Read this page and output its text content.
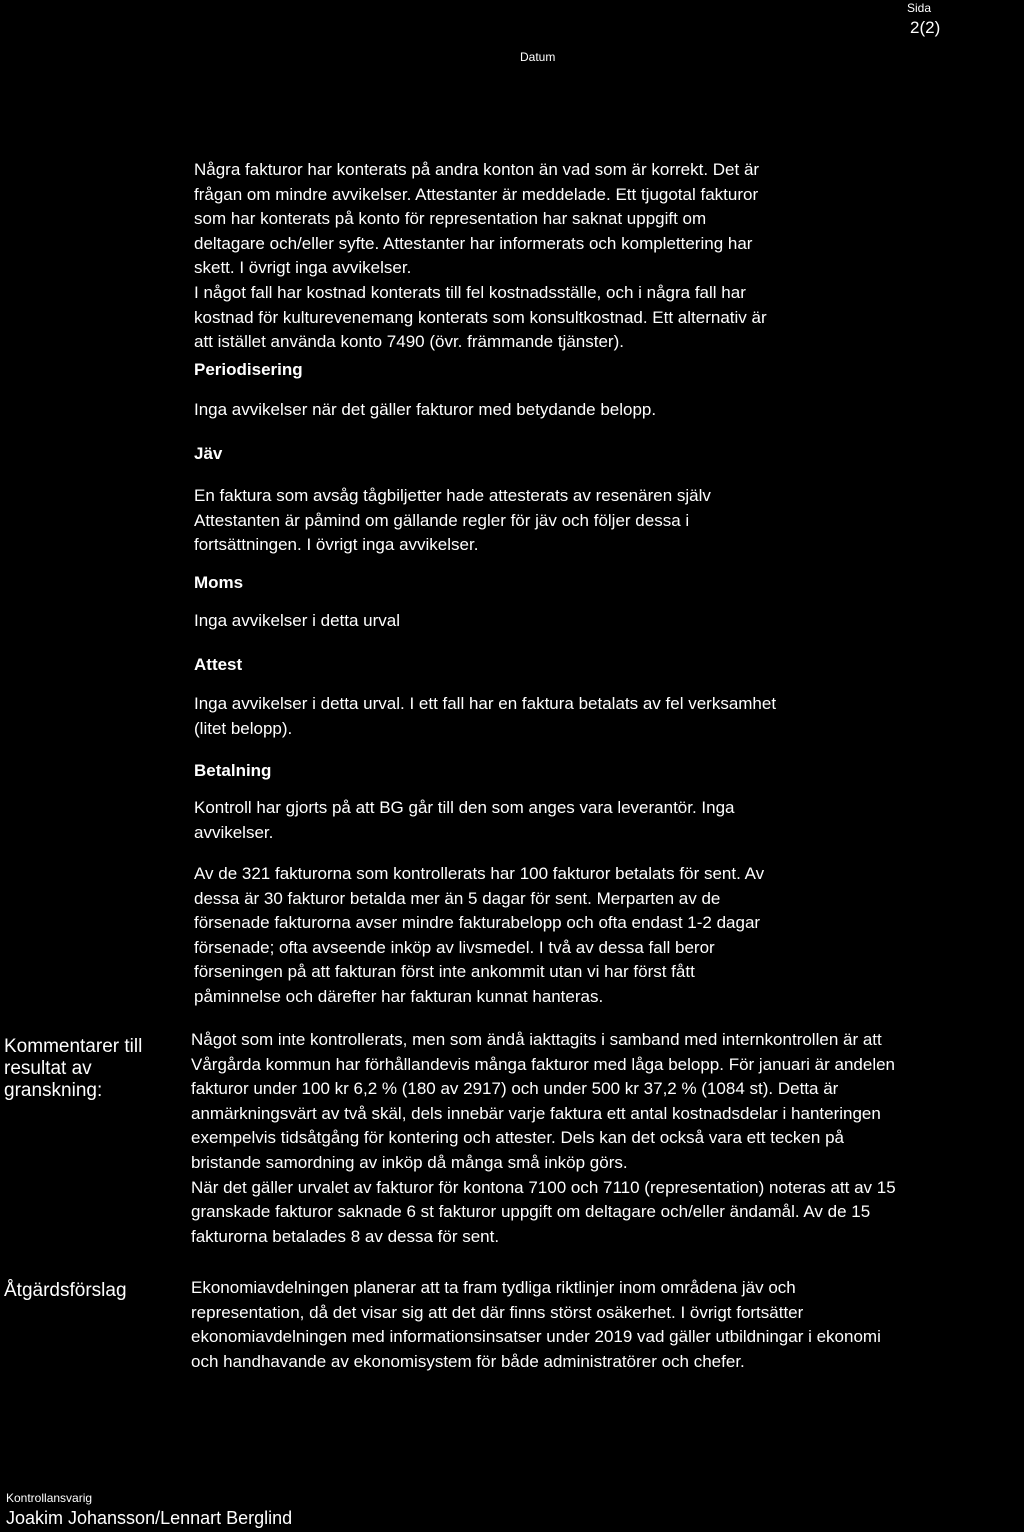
Sida
2(2)
Datum
Några fakturor har konterats på andra konton än vad som är korrekt. Det är
frågan om mindre avvikelser. Attestanter är meddelade. Ett tjugotal fakturor
som har konterats på konto för representation har saknat uppgift om
deltagare och/eller syfte. Attestanter har informerats och komplettering har
skett. I övrigt inga avvikelser.
I något fall har kostnad konterats till fel kostnadsställe, och i några fall har
kostnad för kulturevenemang konterats som konsultkostnad. Ett alternativ är
att istället använda konto 7490 (övr. främmande tjänster).
Periodisering
Inga avvikelser när det gäller fakturor med betydande belopp.
Jäv
En faktura som avsåg tågbiljetter hade attesterats av resenären själv
Attestanten är påmind om gällande regler för jäv och följer dessa i
fortsättningen. I övrigt inga avvikelser.
Moms
Inga avvikelser i detta urval
Attest
Inga avvikelser i detta urval. I ett fall har en faktura betalats av fel verksamhet
(litet belopp).
Betalning
Kontroll har gjorts på att BG går till den som anges vara leverantör. Inga
avvikelser.
Av de 321 fakturorna som kontrollerats har 100 fakturor betalats för sent. Av
dessa är 30 fakturor betalda mer än 5 dagar för sent. Merparten av de
försenade fakturorna avser mindre fakturabelopp och ofta endast 1-2 dagar
försenade; ofta avseende inköp av livsmedel. I två av dessa fall beror
förseningen på att fakturan först inte ankommit utan vi har först fått
påminnelse och därefter har fakturan kunnat hanteras.
Kommentarer till
resultat av
granskning:
Något som inte kontrollerats, men som ändå iakttagits i samband med internkontrollen är att
Vårgårda kommun har förhållandevis många fakturor med låga belopp. För januari är andelen
fakturor under 100 kr 6,2 % (180 av 2917) och under 500 kr 37,2 % (1084 st). Detta är
anmärkningsvärt av två skäl, dels innebär varje faktura ett antal kostnadsdelar i hanteringen
exempelvis tidsåtgång för kontering och attester. Dels kan det också vara ett tecken på
bristande samordning av inköp då många små inköp görs.
När det gäller urvalet av fakturor för kontona 7100 och 7110 (representation) noteras att av 15
granskade fakturor saknade 6 st fakturor uppgift om deltagare och/eller ändamål. Av de 15
fakturorna betalades 8 av dessa för sent.
Åtgärdsförslag	Ekonomiavdelningen planerar att ta fram tydliga riktlinjer inom områdena jäv och
representation, då det visar sig att det där finns störst osäkerhet. I övrigt fortsätter
ekonomiavdelningen med informationsinsatser under 2019 vad gäller utbildningar i ekonomi
och handhavande av ekonomisystem för både administratörer och chefer.
Kontrollansvarig
Joakim Johansson/Lennart Berglind
